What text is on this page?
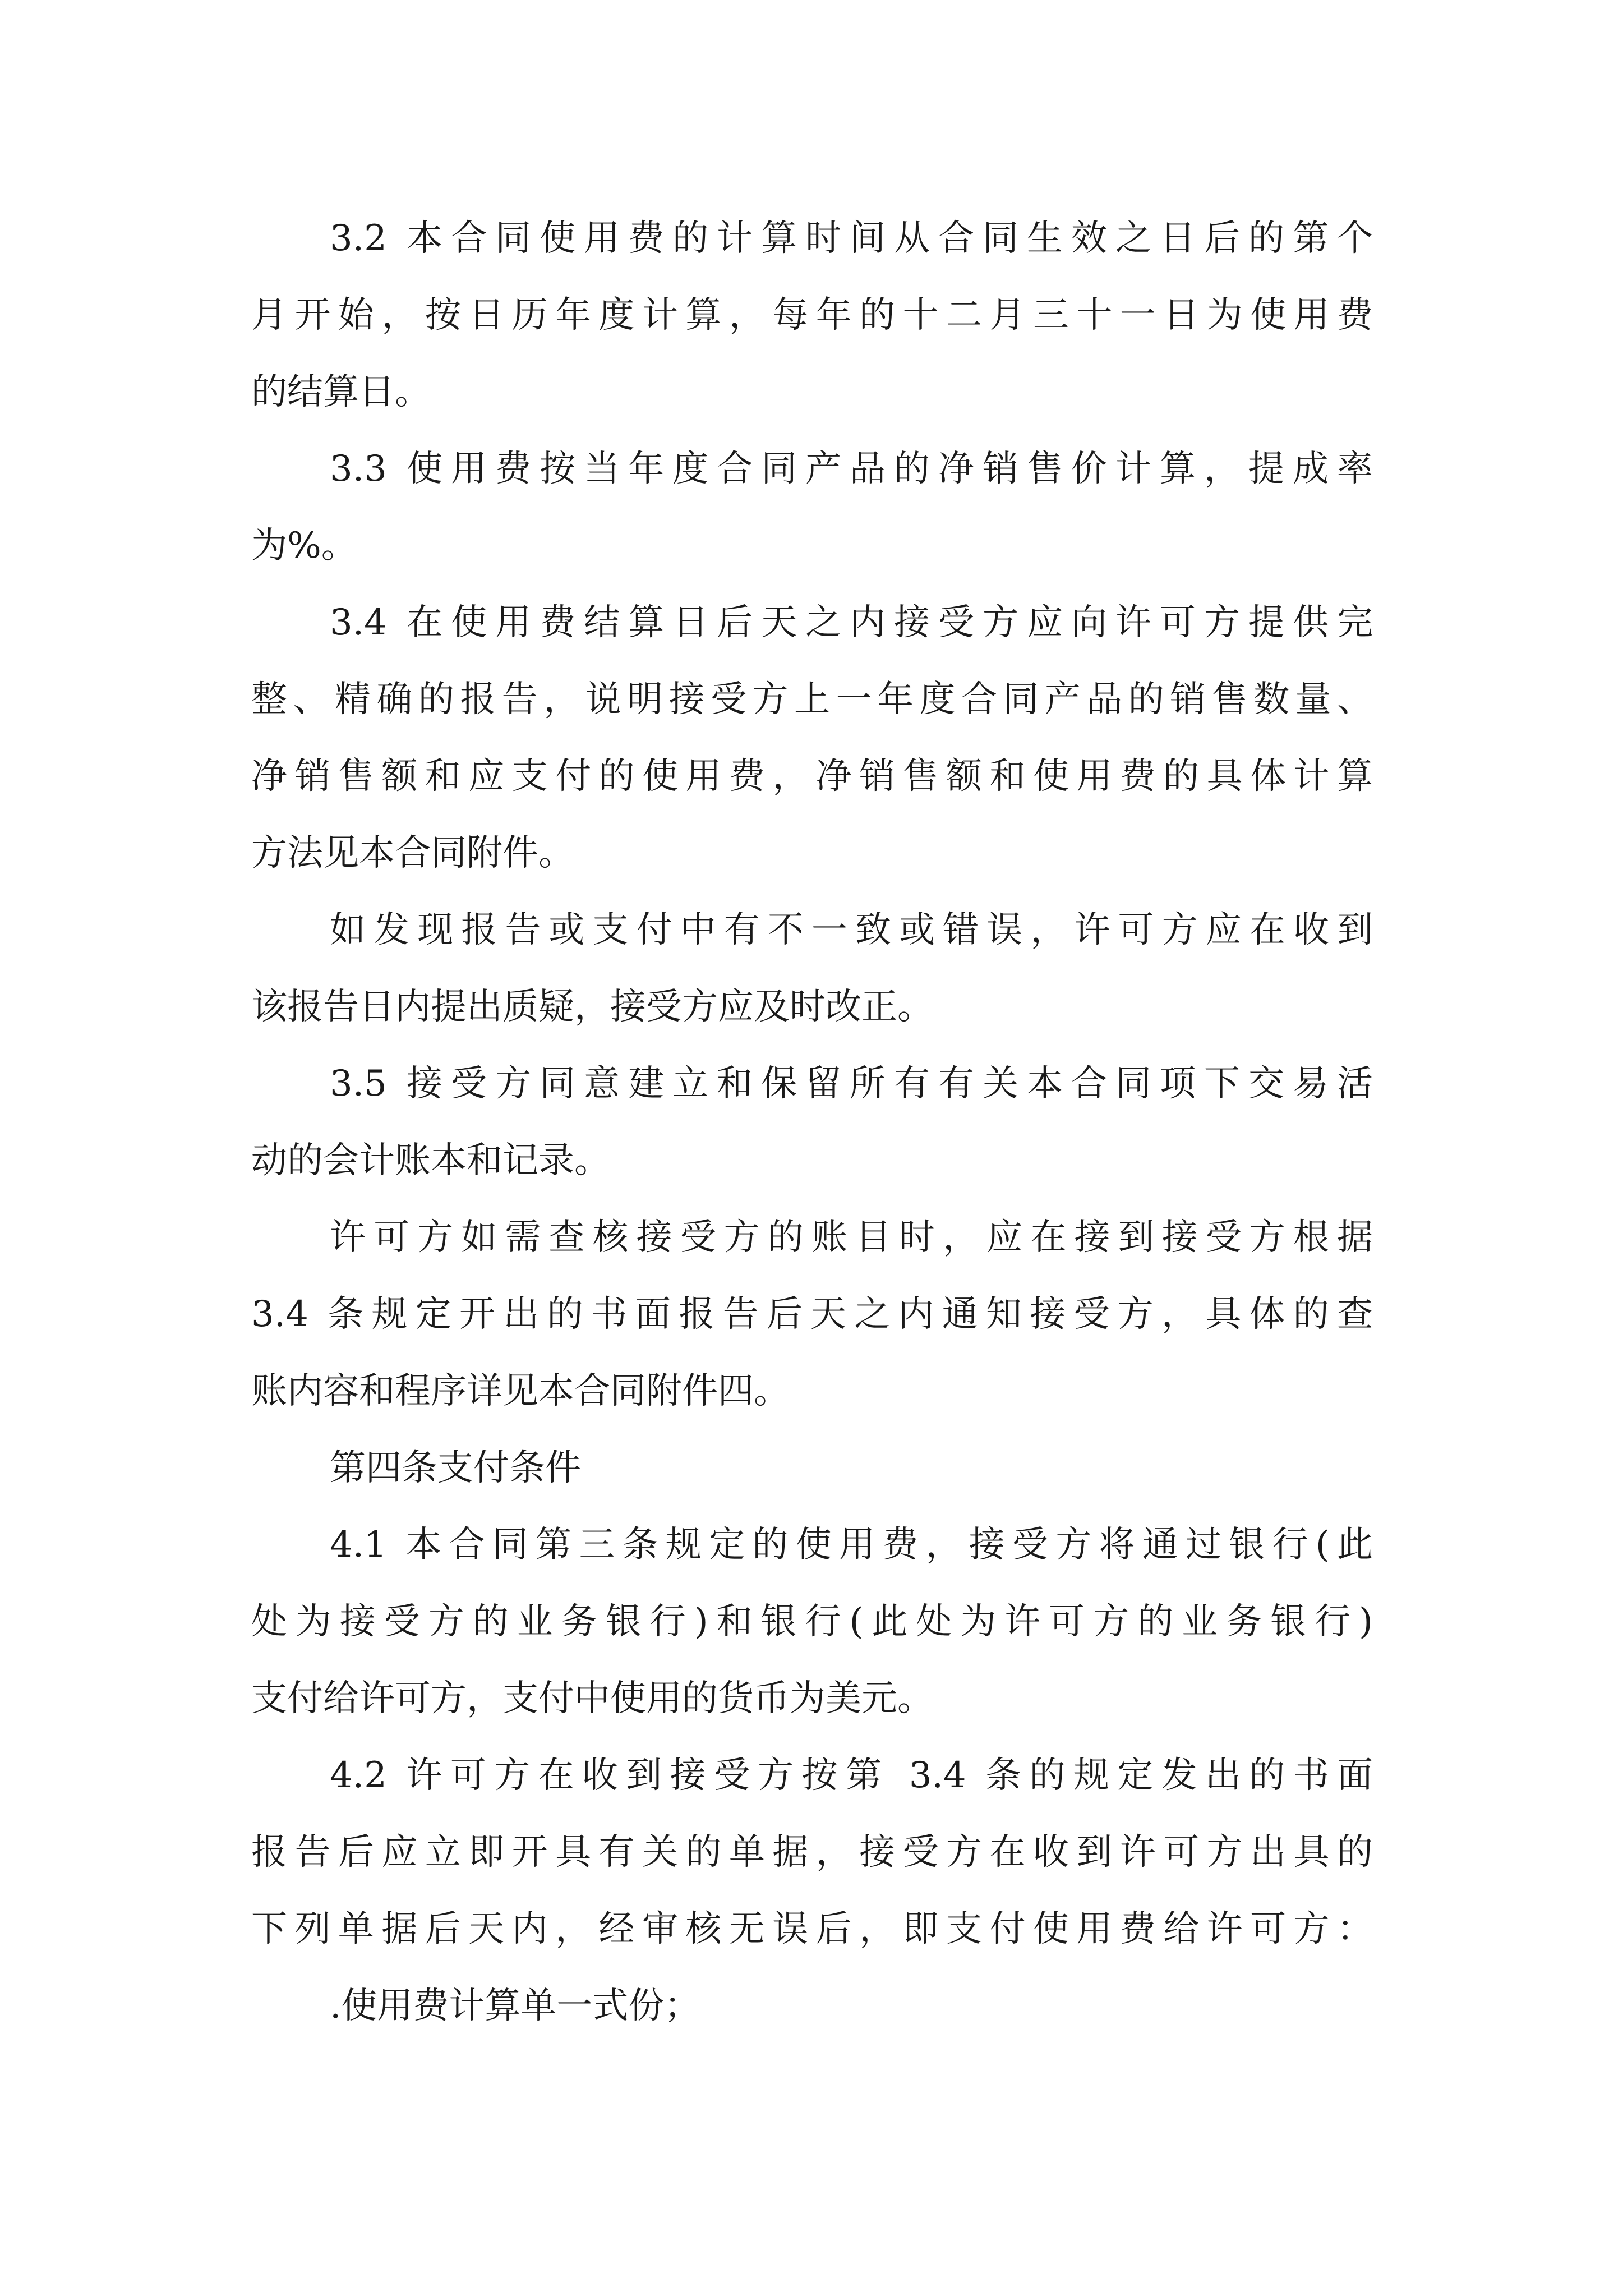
3.2 本合同使用费的计算时间从合同生效之日后的第个
月开始，按日历年度计算，每年的十二月三十一日为使用费
的结算日。
3.3 使用费按当年度合同产品的净销售价计算，提成率
为%。
3.4 在使用费结算日后天之内接受方应向许可方提供完
整、精确的报告，说明接受方上一年度合同产品的销售数量、
净销售额和应支付的使用费，净销售额和使用费的具体计算
方法见本合同附件。
如发现报告或支付中有不一致或错误，许可方应在收到
该报告日内提出质疑，接受方应及时改正。
3.5 接受方同意建立和保留所有有关本合同项下交易活
动的会计账本和记录。
许可方如需查核接受方的账目时，应在接到接受方根据
3.4 条规定开出的书面报告后天之内通知接受方，具体的查
账内容和程序详见本合同附件四。
第四条支付条件
4.1 本合同第三条规定的使用费，接受方将通过银行(此
处为接受方的业务银行)和银行(此处为许可方的业务银行)
支付给许可方，支付中使用的货币为美元。
4.2 许可方在收到接受方按第 3.4 条的规定发出的书面
报告后应立即开具有关的单据，接受方在收到许可方出具的
下列单据后天内，经审核无误后，即支付使用费给许可方：
.使用费计算单一式份；
